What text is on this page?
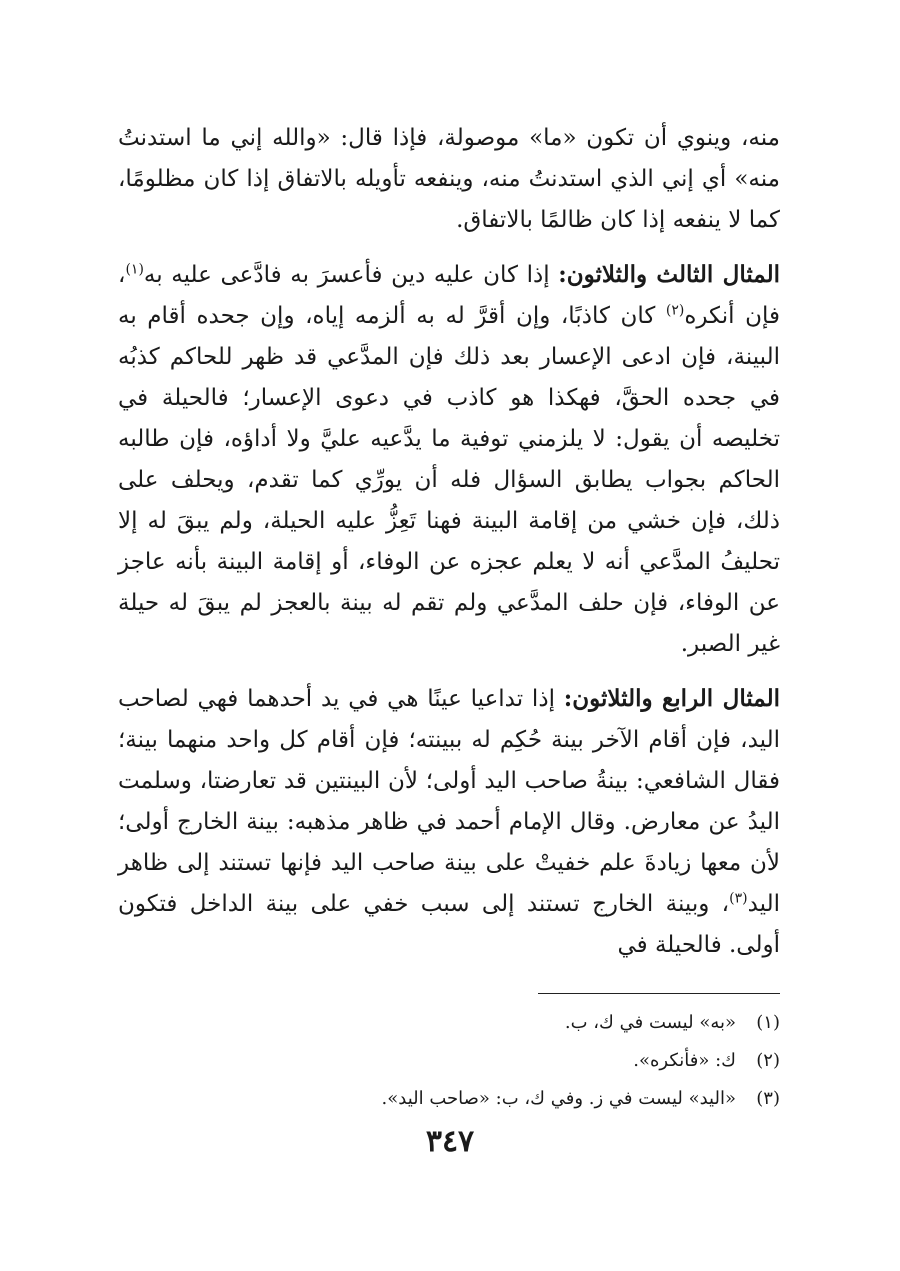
منه، وينوي أن تكون «ما» موصولة، فإذا قال: «والله إني ما استدنتُ منه» أي إني الذي استدنتُ منه، وينفعه تأويله بالاتفاق إذا كان مظلومًا، كما لا ينفعه إذا كان ظالمًا بالاتفاق.

المثال الثالث والثلاثون: إذا كان عليه دين فأعسرَ به فادَّعى عليه به$^{(١)}$، فإن أنكره$^{(٢)}$ كان كاذبًا، وإن أقرَّ له به ألزمه إياه، وإن جحده أقام به البينة، فإن ادعى الإعسار بعد ذلك فإن المدَّعي قد ظهر للحاكم كذبُه في جحده الحقَّ، فهكذا هو كاذب في دعوى الإعسار؛ فالحيلة في تخليصه أن يقول: لا يلزمني توفية ما يدَّعيه عليَّ ولا أداؤه، فإن طالبه الحاكم بجواب يطابق السؤال فله أن يورِّي كما تقدم، ويحلف على ذلك، فإن خشي من إقامة البينة فهنا تَعِزُّ عليه الحيلة، ولم يبقَ له إلا تحليفُ المدَّعي أنه لا يعلم عجزه عن الوفاء، أو إقامة البينة بأنه عاجز عن الوفاء، فإن حلف المدَّعي ولم تقم له بينة بالعجز لم يبقَ له حيلة غير الصبر.

المثال الرابع والثلاثون: إذا تداعيا عينًا هي في يد أحدهما فهي لصاحب اليد، فإن أقام الآخر بينة حُكِم له ببينته؛ فإن أقام كل واحد منهما بينة؛ فقال الشافعي: بينةُ صاحب اليد أولى؛ لأن البينتين قد تعارضتا، وسلمت اليدُ عن معارض. وقال الإمام أحمد في ظاهر مذهبه: بينة الخارج أولى؛ لأن معها زيادةَ علم خفيتْ على بينة صاحب اليد فإنها تستند إلى ظاهر اليد$^{(٣)}$، وبينة الخارج تستند إلى سبب خفي على بينة الداخل فتكون أولى. فالحيلة في

(١)«به» ليست في ك، ب.
(٢)ك: «فأنكره».
(٣)«اليد» ليست في ز. وفي ك، ب: «صاحب اليد».
٣٤٧
